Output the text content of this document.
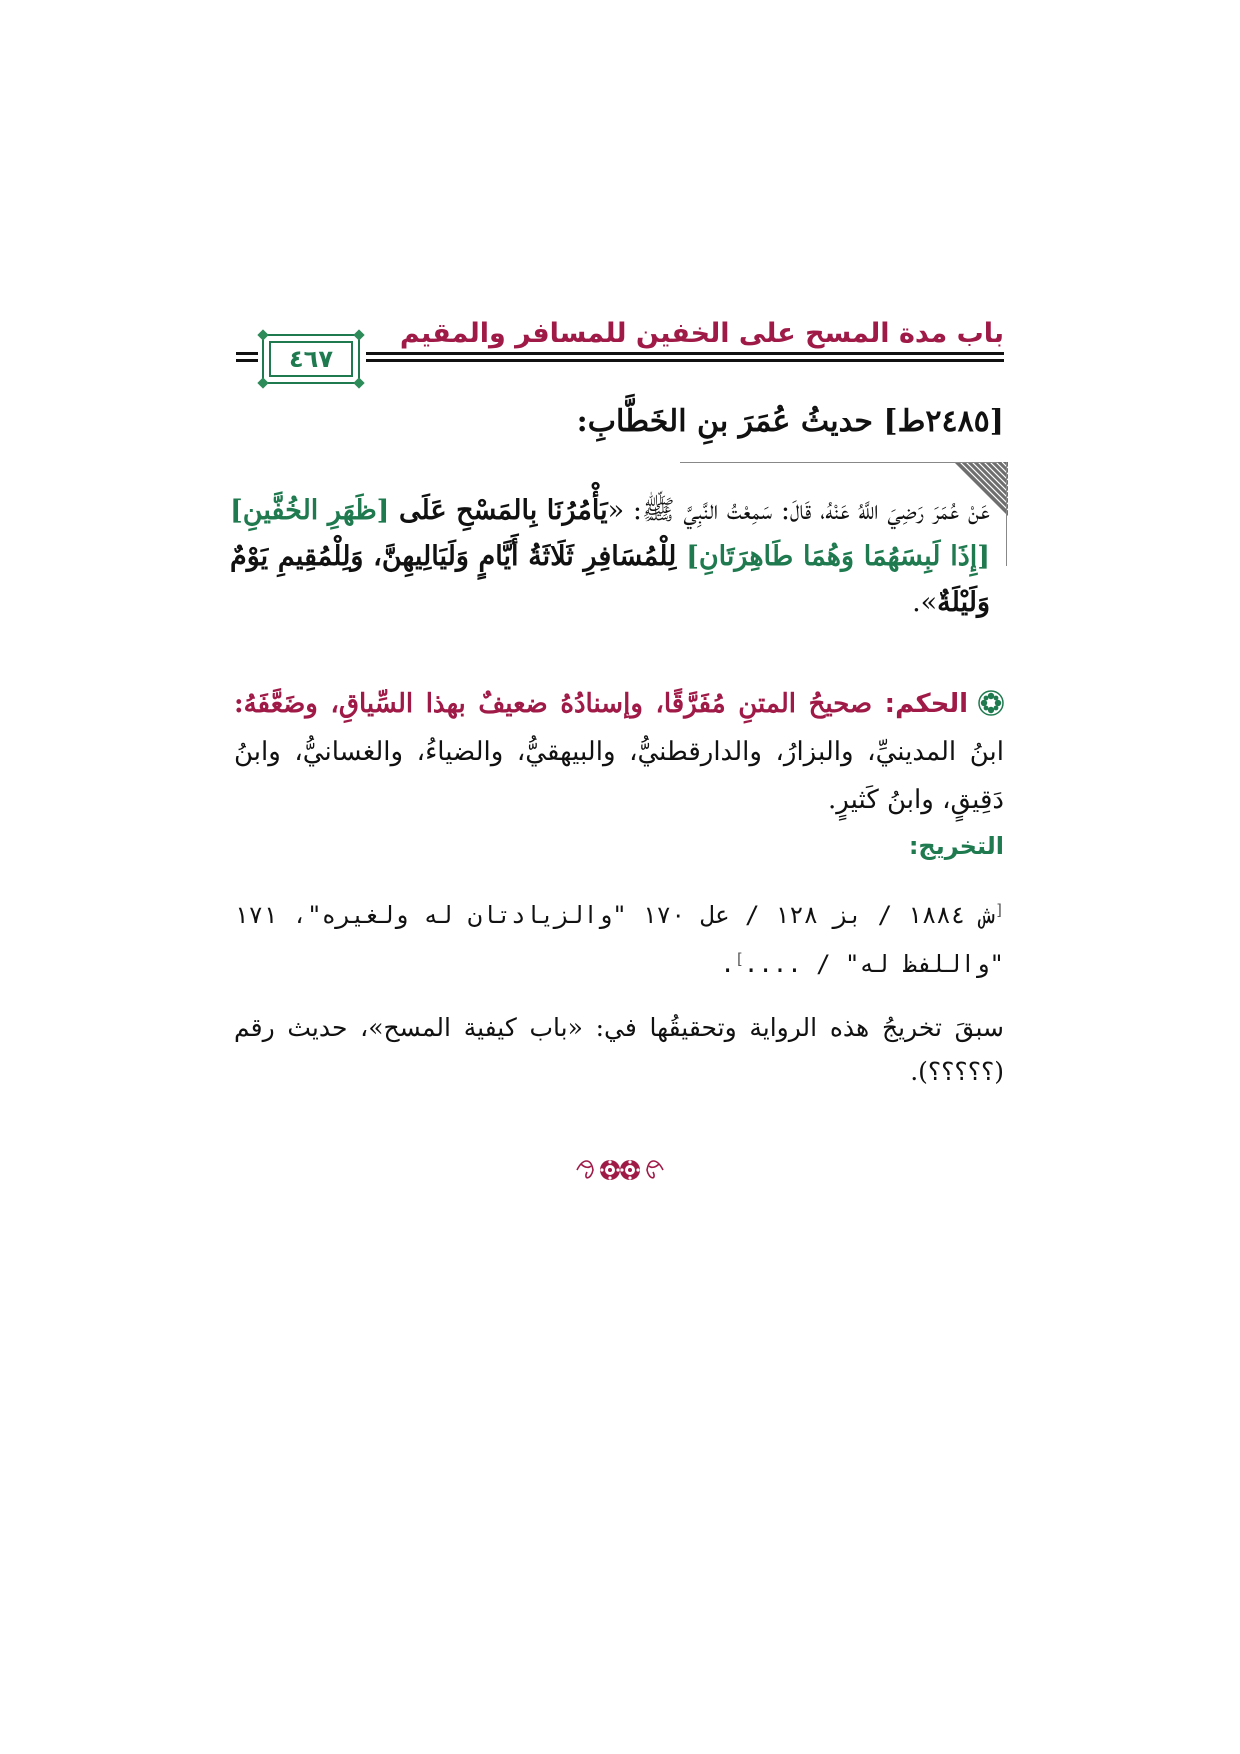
باب مدة المسح على الخفين للمسافر والمقيم
٤٦٧
[٢٤٨٥ط] حديثُ عُمَرَ بنِ الخَطَّابِ:
عَنْ عُمَرَ رَضِيَ اللَّهُ عَنْهُ، قَالَ: سَمِعْتُ النَّبِيَّ ﷺ: «يَأْمُرُنَا بِالمَسْحِ عَلَى [ظَهَرِ الخُفَّينِ] [إِذَا لَبِسَهُمَا وَهُمَا طَاهِرَتَانِ] لِلْمُسَافِرِ ثَلَاثَةُ أَيَّامٍ وَلَيَالِيهِنَّ، وَلِلْمُقِيمِ يَوْمٌ وَلَيْلَةٌ».
الحكم: صحيحُ المتنِ مُفَرَّقًا، وإسنادُهُ ضعيفٌ بهذا السِّياقِ، وضَعَّفَهُ: ابنُ المدينيِّ، والبزارُ، والدارقطنيُّ، والبيهقيُّ، والضياءُ، والغسانيُّ، وابنُ دَقِيقٍ، وابنُ كَثيرٍ.
التخريج:
[ش ١٨٨٤ / بز ١٢٨ / عل ١٧٠ "والزيادتان له ولغيره"، ١٧١ "واللفظ له" / ....].
سبقَ تخريجُ هذه الرواية وتحقيقُها في: «باب كيفية المسح»، حديث رقم (؟؟؟؟؟).
